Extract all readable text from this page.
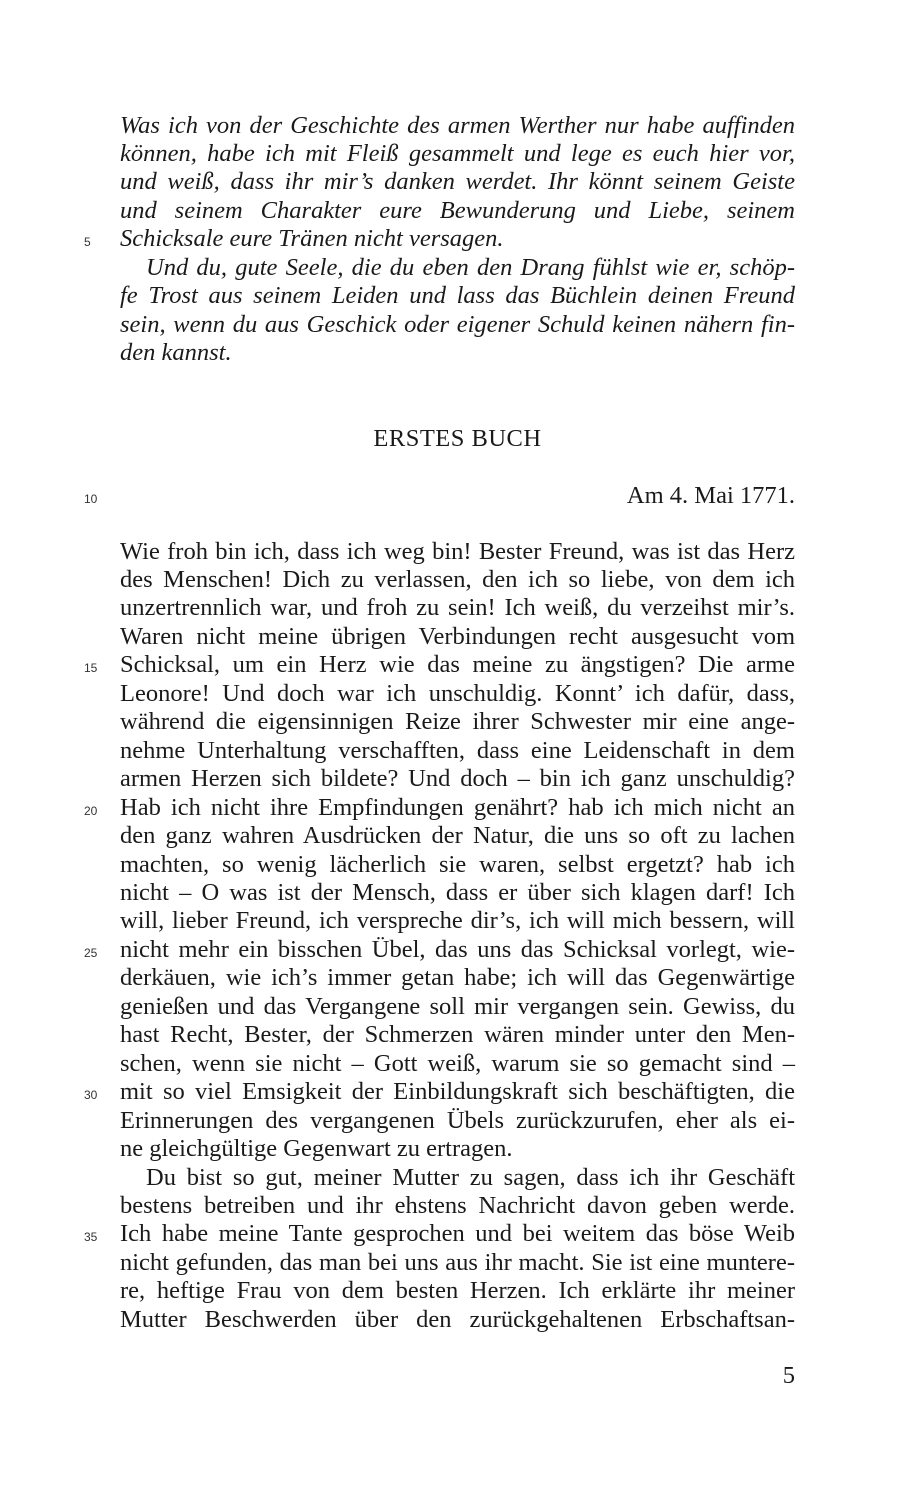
Was ich von der Geschichte des armen Werther nur habe auffinden
können, habe ich mit Fleiß gesammelt und lege es euch hier vor,
und weiß, dass ihr mir’s danken werdet. Ihr könnt seinem Geiste
und seinem Charakter eure Bewunderung und Liebe, seinem
Schicksale eure Tränen nicht versagen.
Und du, gute Seele, die du eben den Drang fühlst wie er, schöp-
fe Trost aus seinem Leiden und lass das Büchlein deinen Freund
sein, wenn du aus Geschick oder eigener Schuld keinen nähern fin-
den kannst.
ERSTES BUCH
Am 4. Mai 1771.
Wie froh bin ich, dass ich weg bin! Bester Freund, was ist das Herz
des Menschen! Dich zu verlassen, den ich so liebe, von dem ich
unzertrennlich war, und froh zu sein! Ich weiß, du verzeihst mir’s.
Waren nicht meine übrigen Verbindungen recht ausgesucht vom
Schicksal, um ein Herz wie das meine zu ängstigen? Die arme
Leonore! Und doch war ich unschuldig. Konnt’ ich dafür, dass,
während die eigensinnigen Reize ihrer Schwester mir eine ange-
nehme Unterhaltung verschafften, dass eine Leidenschaft in dem
armen Herzen sich bildete? Und doch – bin ich ganz unschuldig?
Hab ich nicht ihre Empfindungen genährt? hab ich mich nicht an
den ganz wahren Ausdrücken der Natur, die uns so oft zu lachen
machten, so wenig lächerlich sie waren, selbst ergetzt? hab ich
nicht – O was ist der Mensch, dass er über sich klagen darf! Ich
will, lieber Freund, ich verspreche dir’s, ich will mich bessern, will
nicht mehr ein bisschen Übel, das uns das Schicksal vorlegt, wie-
derkäuen, wie ich’s immer getan habe; ich will das Gegenwärtige
genießen und das Vergangene soll mir vergangen sein. Gewiss, du
hast Recht, Bester, der Schmerzen wären minder unter den Men-
schen, wenn sie nicht – Gott weiß, warum sie so gemacht sind –
mit so viel Emsigkeit der Einbildungskraft sich beschäftigten, die
Erinnerungen des vergangenen Übels zurückzurufen, eher als ei-
ne gleichgültige Gegenwart zu ertragen.
Du bist so gut, meiner Mutter zu sagen, dass ich ihr Geschäft
bestens betreiben und ihr ehstens Nachricht davon geben werde.
Ich habe meine Tante gesprochen und bei weitem das böse Weib
nicht gefunden, das man bei uns aus ihr macht. Sie ist eine muntere-
re, heftige Frau von dem besten Herzen. Ich erklärte ihr meiner
Mutter Beschwerden über den zurückgehaltenen Erbschaftsan-
5
10
15
20
25
30
35
5
